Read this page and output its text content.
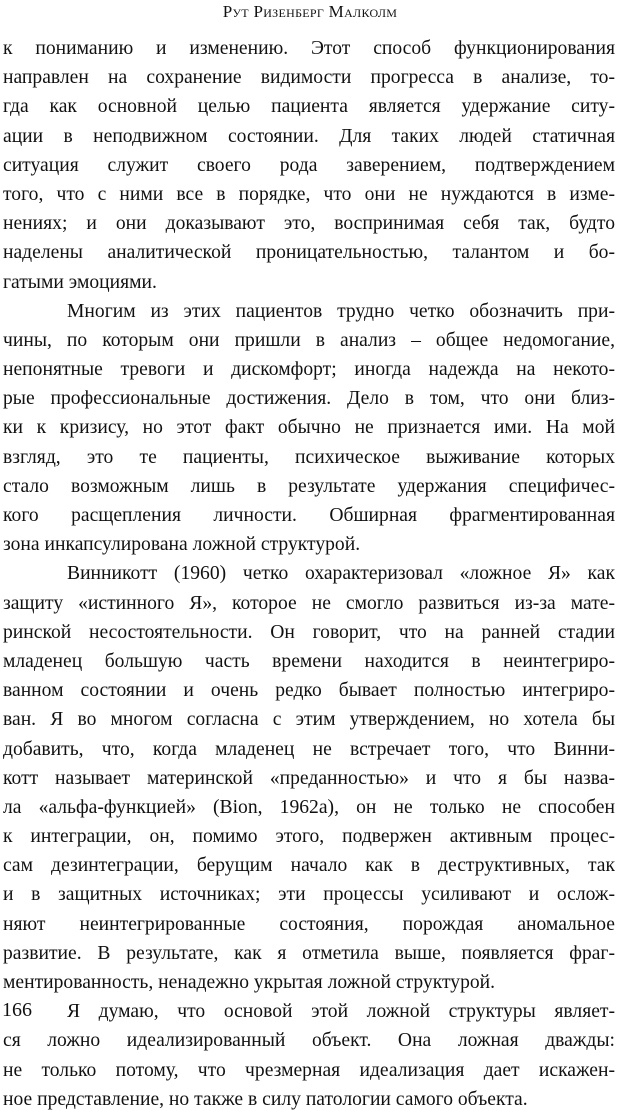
Рут Ризенберг Малколм
к пониманию и изменению. Этот способ функционирования
направлен на сохранение видимости прогресса в анализе, то-
гда как основной целью пациента является удержание ситу-
ации в неподвижном состоянии. Для таких людей статичная
ситуация служит своего рода заверением, подтверждением
того, что с ними все в порядке, что они не нуждаются в изме-
нениях; и они доказывают это, воспринимая себя так, будто
наделены аналитической проницательностью, талантом и бо-
гатыми эмоциями.
Многим из этих пациентов трудно четко обозначить при-
чины, по которым они пришли в анализ – общее недомогание,
непонятные тревоги и дискомфорт; иногда надежда на некото-
рые профессиональные достижения. Дело в том, что они близ-
ки к кризису, но этот факт обычно не признается ими. На мой
взгляд, это те пациенты, психическое выживание которых
стало возможным лишь в результате удержания специфичес-
кого расщепления личности. Обширная фрагментированная
зона инкапсулирована ложной структурой.
Винникотт (1960) четко охарактеризовал «ложное Я» как
защиту «истинного Я», которое не смогло развиться из-за мате-
ринской несостоятельности. Он говорит, что на ранней стадии
младенец большую часть времени находится в неинтегриро-
ванном состоянии и очень редко бывает полностью интегриро-
ван. Я во многом согласна с этим утверждением, но хотела бы
добавить, что, когда младенец не встречает того, что Винни-
котт называет материнской «преданностью» и что я бы назва-
ла «альфа-функцией» (Bion, 1962a), он не только не способен
к интеграции, он, помимо этого, подвержен активным процес-
сам дезинтеграции, берущим начало как в деструктивных, так
и в защитных источниках; эти процессы усиливают и ослож-
няют неинтегрированные состояния, порождая аномальное
развитие. В результате, как я отметила выше, появляется фраг-
ментированность, ненадежно укрытая ложной структурой.
Я думаю, что основой этой ложной структуры являет-
ся ложно идеализированный объект. Она ложная дважды:
не только потому, что чрезмерная идеализация дает искажен-
ное представление, но также в силу патологии самого объекта.
166
